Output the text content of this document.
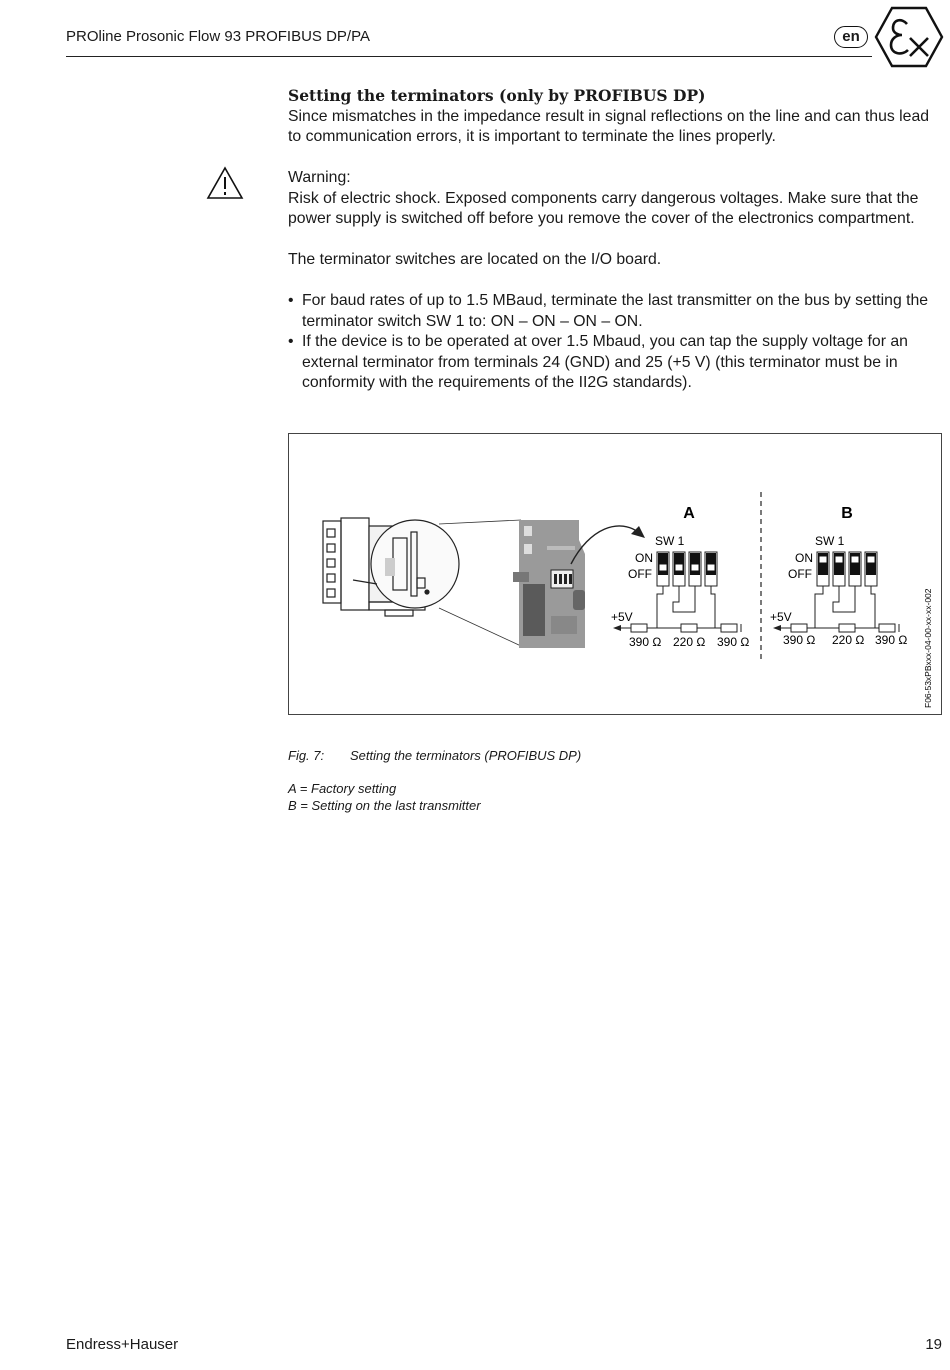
PROline Prosonic Flow 93 PROFIBUS DP/PA	en
Setting the terminators (only by PROFIBUS DP)

Since mismatches in the impedance result in signal reflections on the line and can thus lead to communication errors, it is important to terminate the lines properly.

Warning:

Risk of electric shock. Exposed components carry dangerous voltages. Make sure that the power supply is switched off before you remove the cover of the electronics compartment.

The terminator switches are located on the I/O board.

• For baud rates of up to 1.5 MBaud, terminate the last transmitter on the bus by setting the terminator switch SW 1 to: ON – ON – ON – ON.
• If the device is to be operated at over 1.5 Mbaud, you can tap the supply voltage for an external terminator from terminals 24 (GND) and 25 (+5 V) (this terminator must be in conformity with the requirements of the II2G standards).
A	B
SW 1
ON
OFF
+5V
390 Ω 220 Ω 390 Ω
SW 1
ON
OFF
+5V
390 Ω 220 Ω 390 Ω F06-53xPBxxx-04-00-xx-xx-002
Fig. 7: Setting the terminators (PROFIBUS DP)
A = Factory setting
B = Setting on the last transmitter
Endress+Hauser	19
